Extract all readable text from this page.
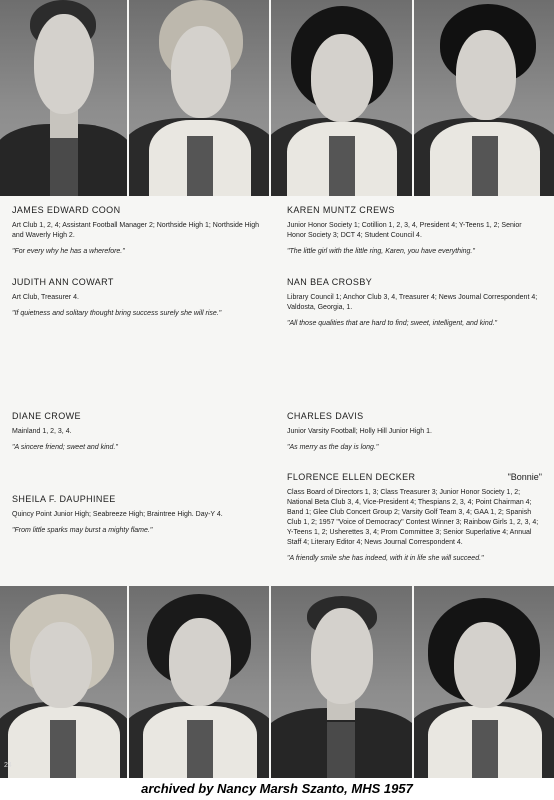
JAMES EDWARD COON
Art Club 1, 2, 4; Assistant Football Manager 2; Northside High 1; Northside High and Waverly High 2.
"For every why he has a wherefore."
JUDITH ANN COWART
Art Club, Treasurer 4.
"If quietness and solitary thought bring success surely she will rise."
DIANE CROWE
Mainland 1, 2, 3, 4.
"A sincere friend; sweet and kind."
SHEILA F. DAUPHINEE
Quincy Point Junior High; Seabreeze High; Braintree High. Day-Y 4.
"From little sparks may burst a mighty flame."
KAREN MUNTZ CREWS
Junior Honor Society 1; Cotillion 1, 2, 3, 4, President 4; Y-Teens 1, 2; Senior Honor Society 3; DCT 4; Student Council 4.
"The little girl with the little ring, Karen, you have everything."
NAN BEA CROSBY
Library Council 1; Anchor Club 3, 4, Treasurer 4; News Journal Correspondent 4; Valdosta, Georgia, 1.
"All those qualities that are hard to find; sweet, intelligent, and kind."
CHARLES DAVIS
Junior Varsity Football; Holly Hill Junior High 1.
"As merry as the day is long."
FLORENCE ELLEN DECKER	"Bonnie"
Class Board of Directors 1, 3; Class Treasurer 3; Junior Honor Society 1, 2; National Beta Club 3, 4, Vice-President 4; Thespians 2, 3, 4; Point Chairman 4; Band 1; Glee Club Concert Group 2; Varsity Golf Team 3, 4; GAA 1, 2; Spanish Club 1, 2; 1957 "Voice of Democracy" Contest Winner 3; Rainbow Girls 1, 2, 3, 4; Y-Teens 1, 2; Usherettes 3, 4; Prom Committee 3; Senior Superlative 4; Annual Staff 4; Literary Editor 4; News Journal Correspondent 4.
"A friendly smile she has indeed, with it in life she will succeed."
24
archived by Nancy Marsh Szanto, MHS 1957
